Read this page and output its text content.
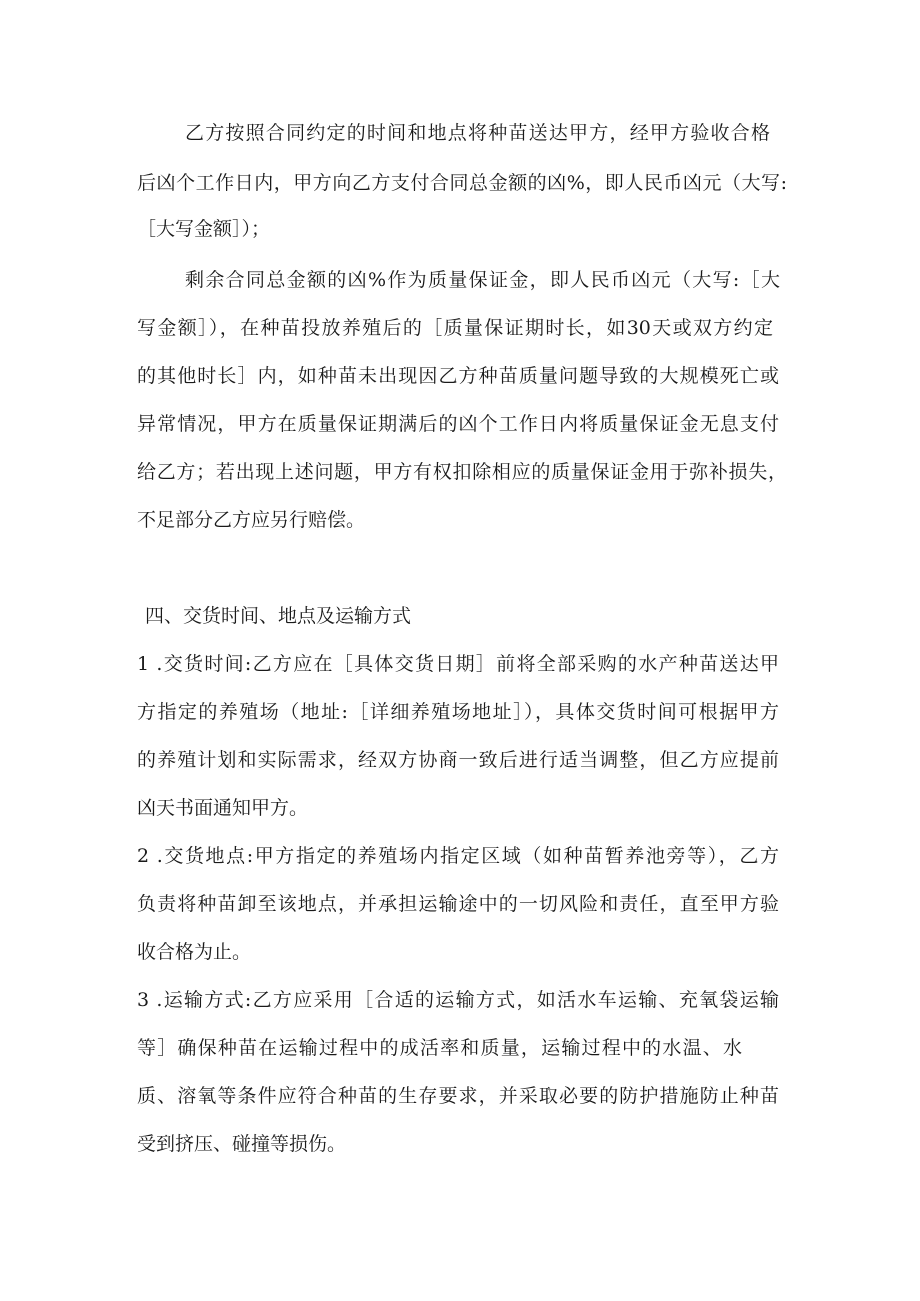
乙方按照合同约定的时间和地点将种苗送达甲方，经甲方验收合格

后凶个工作日内，甲方向乙方支付合同总金额的凶%，即人民币凶元（大写:

［大写金额］）；

剩余合同总金额的凶%作为质量保证金，即人民币凶元（大写:［大

写金额］），在种苗投放养殖后的［质量保证期时长，如30天或双方约定

的其他时长］内，如种苗未出现因乙方种苗质量问题导致的大规模死亡或

异常情况，甲方在质量保证期满后的凶个工作日内将质量保证金无息支付

给乙方；若出现上述问题，甲方有权扣除相应的质量保证金用于弥补损失，

不足部分乙方应另行赔偿。

四、交货时间、地点及运输方式

1 .交货时间:乙方应在［具体交货日期］前将全部采购的水产种苗送达甲

方指定的养殖场（地址:［详细养殖场地址］），具体交货时间可根据甲方

的养殖计划和实际需求，经双方协商一致后进行适当调整，但乙方应提前

凶天书面通知甲方。

2 .交货地点:甲方指定的养殖场内指定区域（如种苗暂养池旁等），乙方

负责将种苗卸至该地点，并承担运输途中的一切风险和责任，直至甲方验

收合格为止。

3 .运输方式:乙方应采用［合适的运输方式，如活水车运输、充氧袋运输

等］确保种苗在运输过程中的成活率和质量，运输过程中的水温、水

质、溶氧等条件应符合种苗的生存要求，并采取必要的防护措施防止种苗

受到挤压、碰撞等损伤。
